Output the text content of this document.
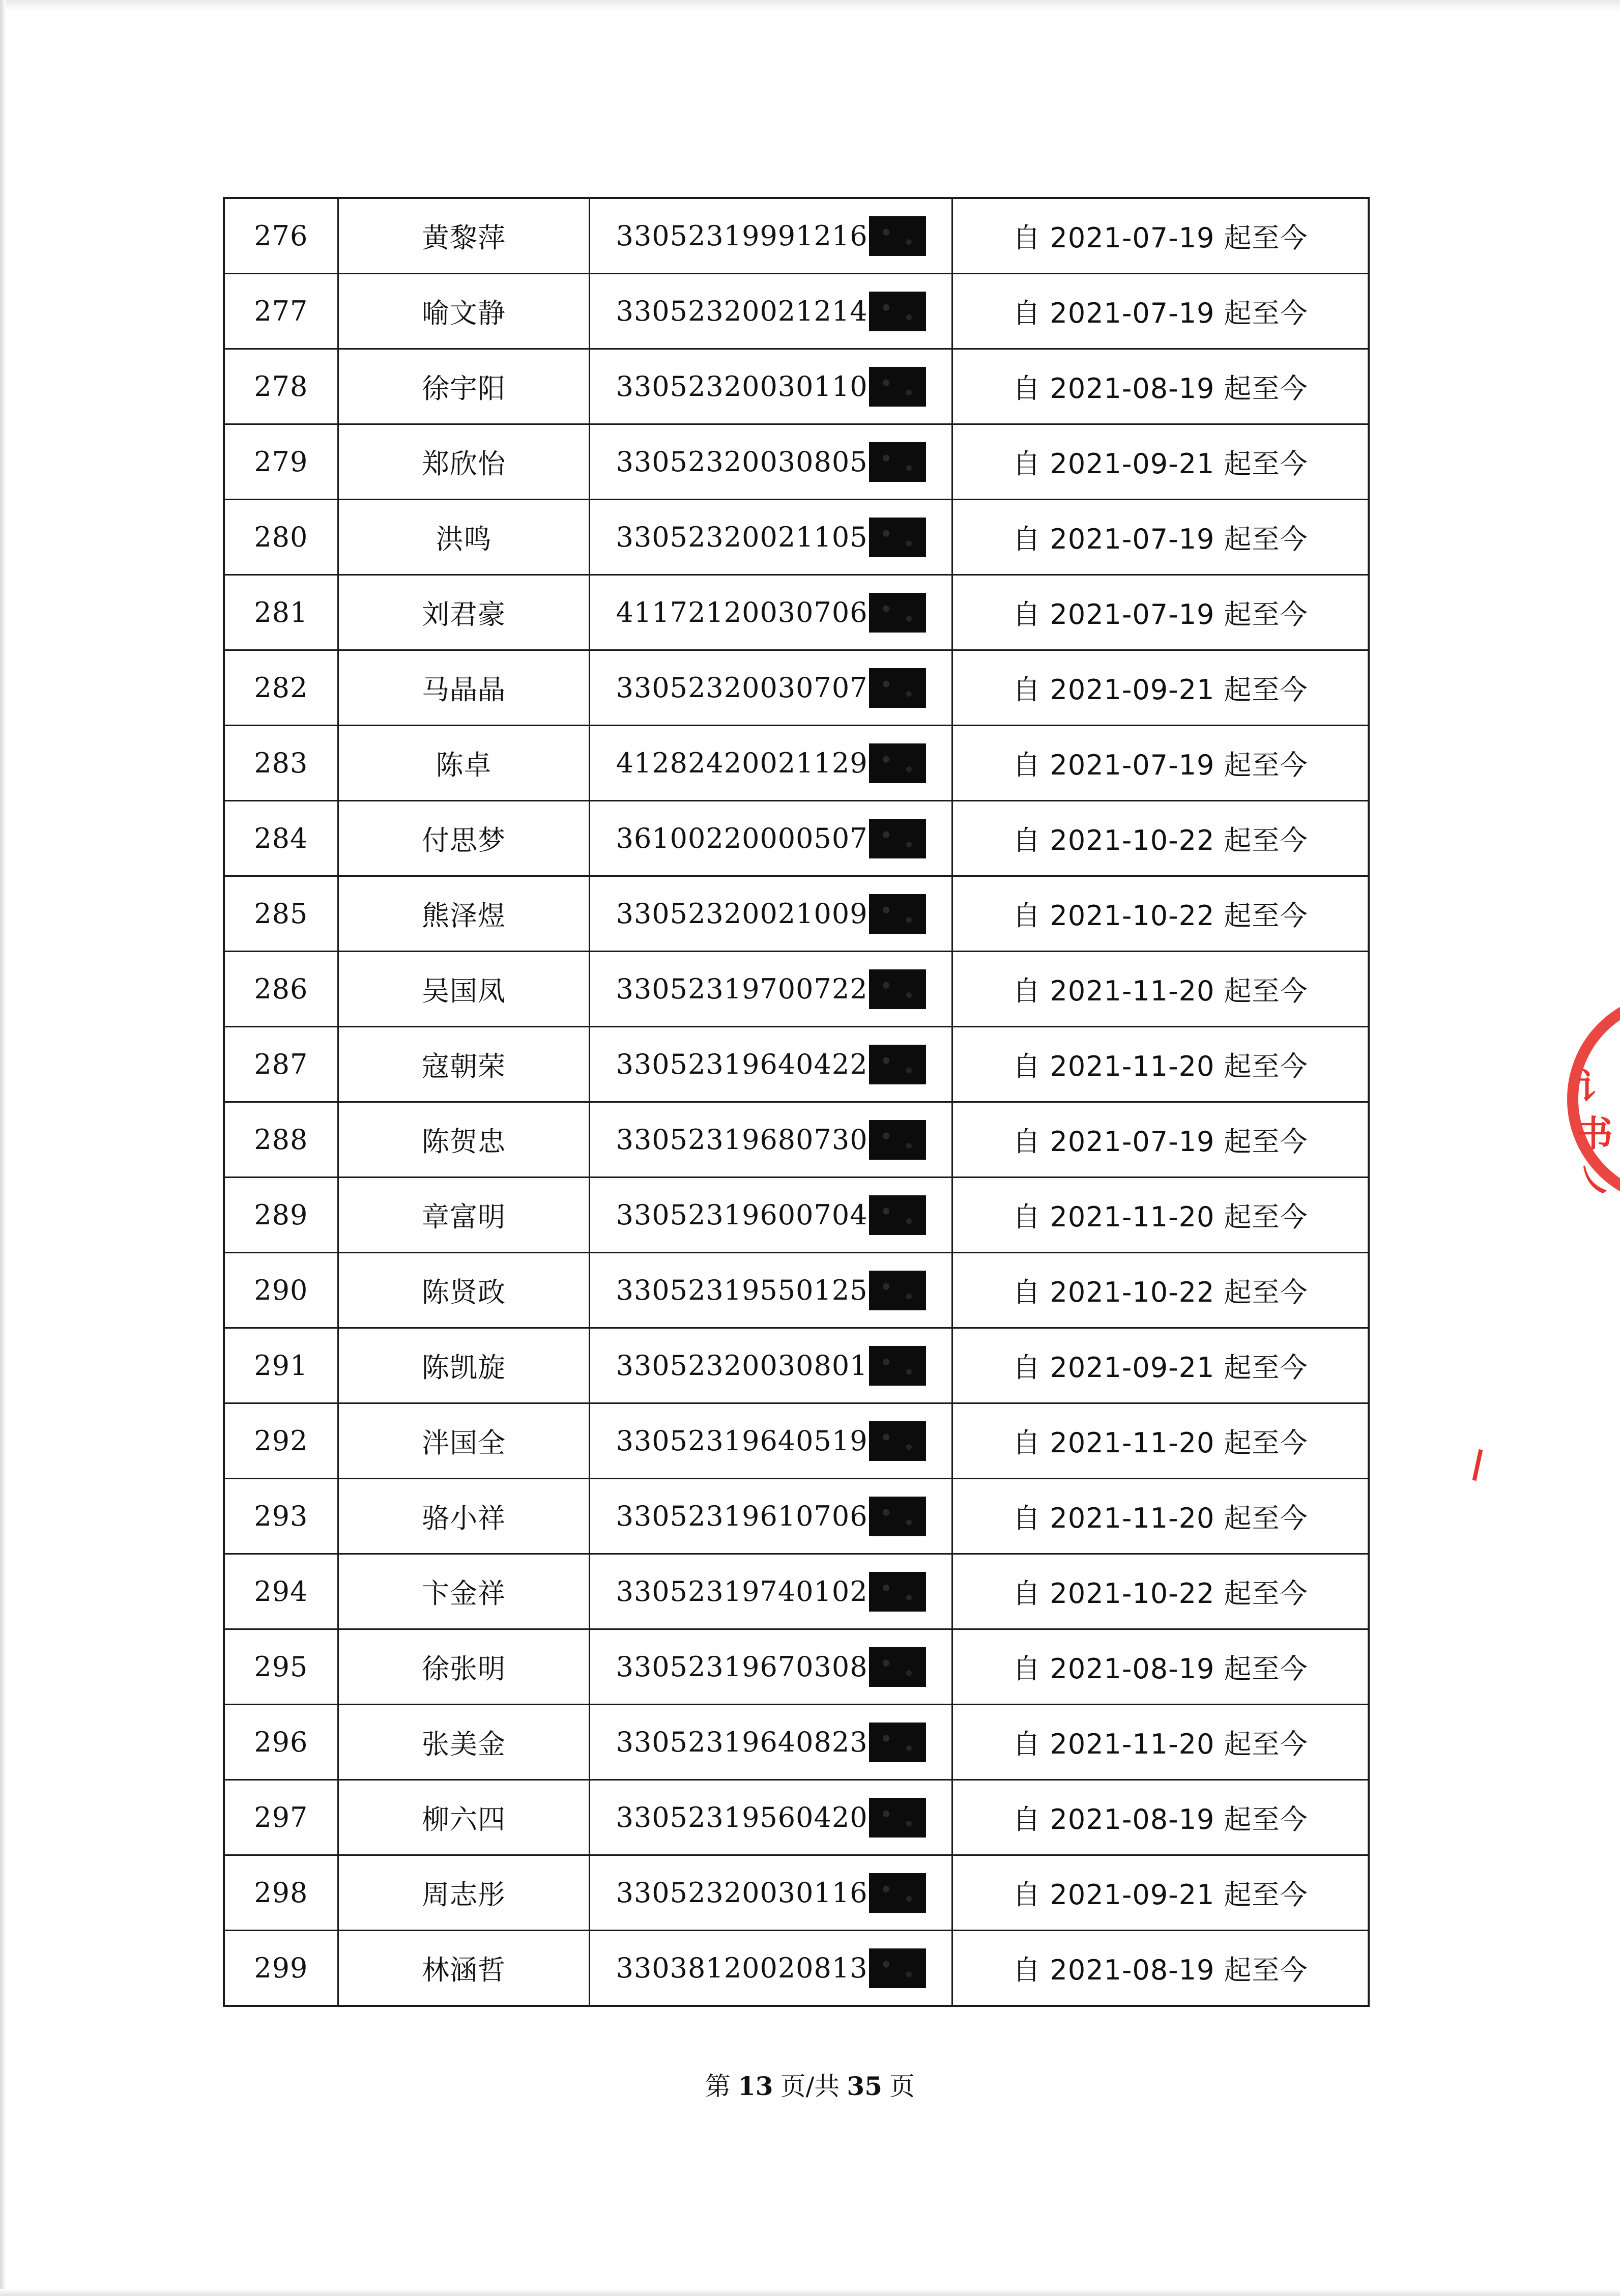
276	黄黎萍	33052319991216	自 2021-07-19 起至今
277	喻文静	33052320021214	自 2021-07-19 起至今
278	徐宇阳	33052320030110	自 2021-08-19 起至今
279	郑欣怡	33052320030805	自 2021-09-21 起至今
280	洪鸣	33052320021105	自 2021-07-19 起至今
281	刘君豪	41172120030706	自 2021-07-19 起至今
282	马晶晶	33052320030707	自 2021-09-21 起至今
283	陈卓	41282420021129	自 2021-07-19 起至今
284	付思梦	36100220000507	自 2021-10-22 起至今
285	熊泽煜	33052320021009	自 2021-10-22 起至今
286	吴国凤	33052319700722	自 2021-11-20 起至今
287	寇朝荣	33052319640422	自 2021-11-20 起至今
288	陈贺忠	33052319680730	自 2021-07-19 起至今
289	章富明	33052319600704	自 2021-11-20 起至今
290	陈贤政	33052319550125	自 2021-10-22 起至今
291	陈凯旋	33052320030801	自 2021-09-21 起至今
292	泮国全	33052319640519	自 2021-11-20 起至今
293	骆小祥	33052319610706	自 2021-11-20 起至今
294	卞金祥	33052319740102	自 2021-10-22 起至今
295	徐张明	33052319670308	自 2021-08-19 起至今
296	张美金	33052319640823	自 2021-11-20 起至今
297	柳六四	33052319560420	自 2021-08-19 起至今
298	周志彤	33052320030116	自 2021-09-21 起至今
299	林涵哲	33038120020813	自 2021-08-19 起至今
第 13 页/共 35 页
讠
书
㇏
